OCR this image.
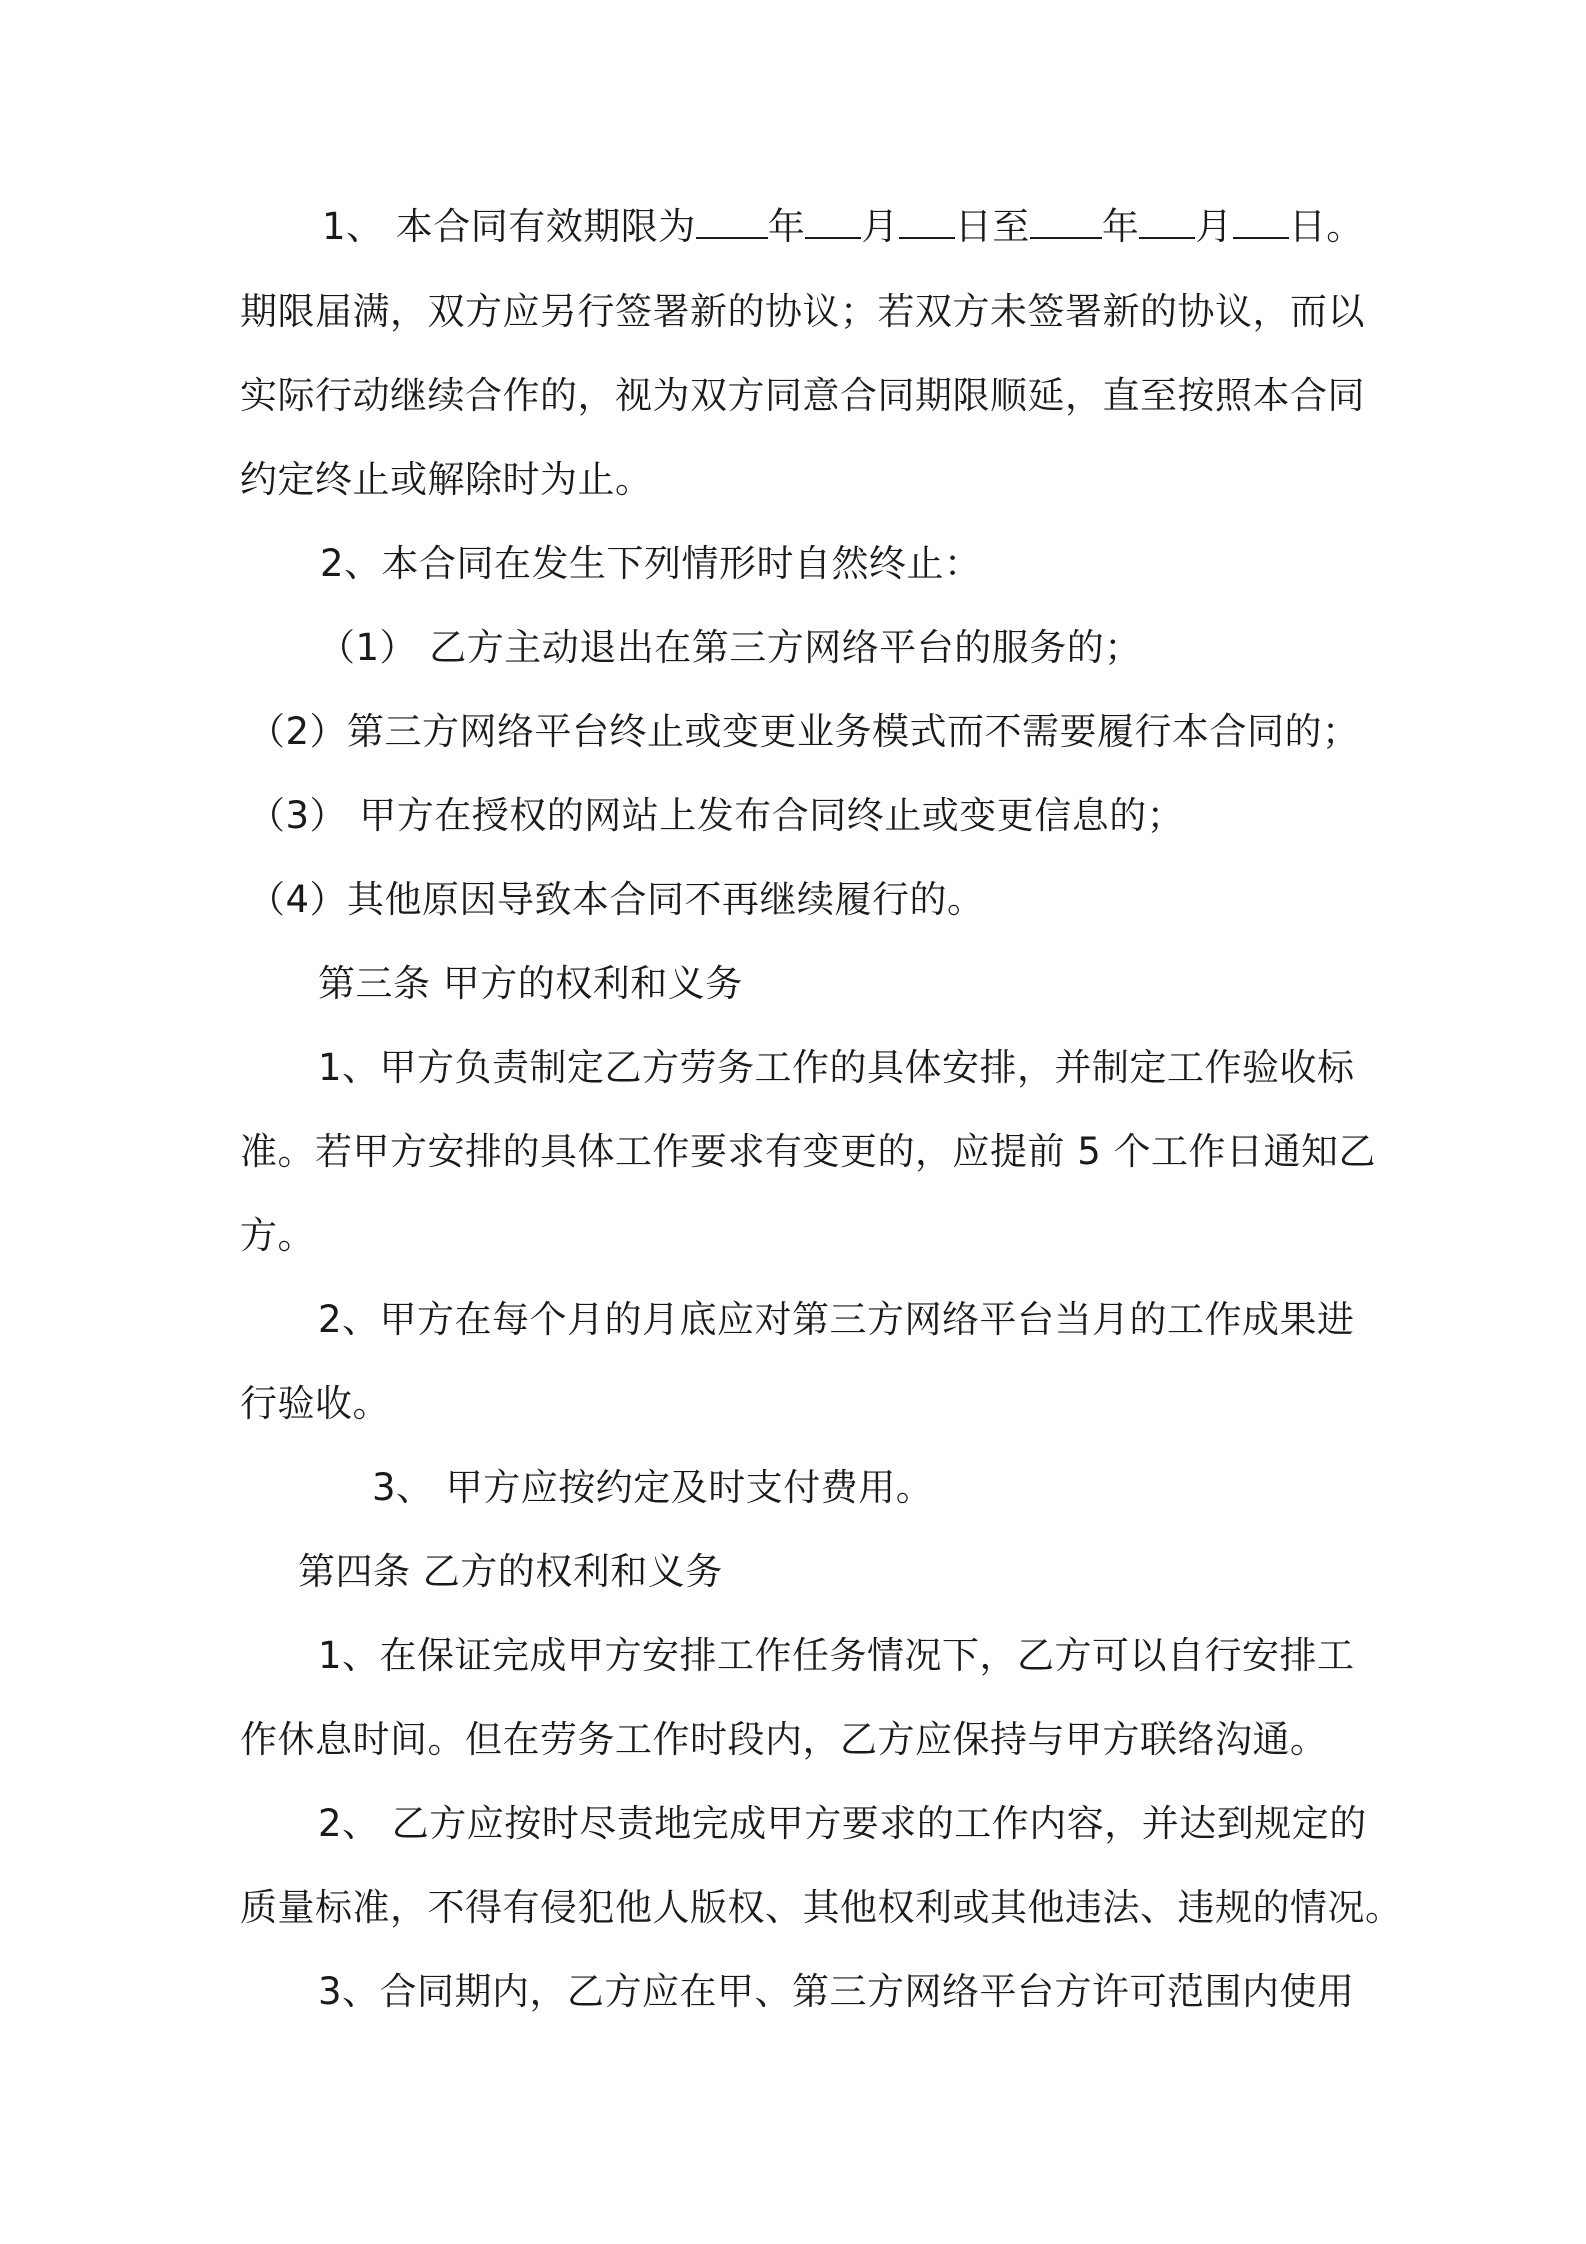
1、 本合同有效期限为 年 月 日至 年 月 日。
期限届满，双方应另行签署新的协议；若双方未签署新的协议，而以
实际行动继续合作的，视为双方同意合同期限顺延，直至按照本合同
约定终止或解除时为止。
2、本合同在发生下列情形时自然终止：
（1） 乙方主动退出在第三方网络平台的服务的；
（2）第三方网络平台终止或变更业务模式而不需要履行本合同的；
（3） 甲方在授权的网站上发布合同终止或变更信息的；
（4）其他原因导致本合同不再继续履行的。
第三条 甲方的权利和义务
1、甲方负责制定乙方劳务工作的具体安排，并制定工作验收标
准。若甲方安排的具体工作要求有变更的，应提前 5 个工作日通知乙
方。
2、甲方在每个月的月底应对第三方网络平台当月的工作成果进
行验收。
3、 甲方应按约定及时支付费用。
第四条 乙方的权利和义务
1、在保证完成甲方安排工作任务情况下，乙方可以自行安排工
作休息时间。但在劳务工作时段内，乙方应保持与甲方联络沟通。
2、 乙方应按时尽责地完成甲方要求的工作内容，并达到规定的
质量标准，不得有侵犯他人版权、其他权利或其他违法、违规的情况。
3、合同期内，乙方应在甲、第三方网络平台方许可范围内使用
